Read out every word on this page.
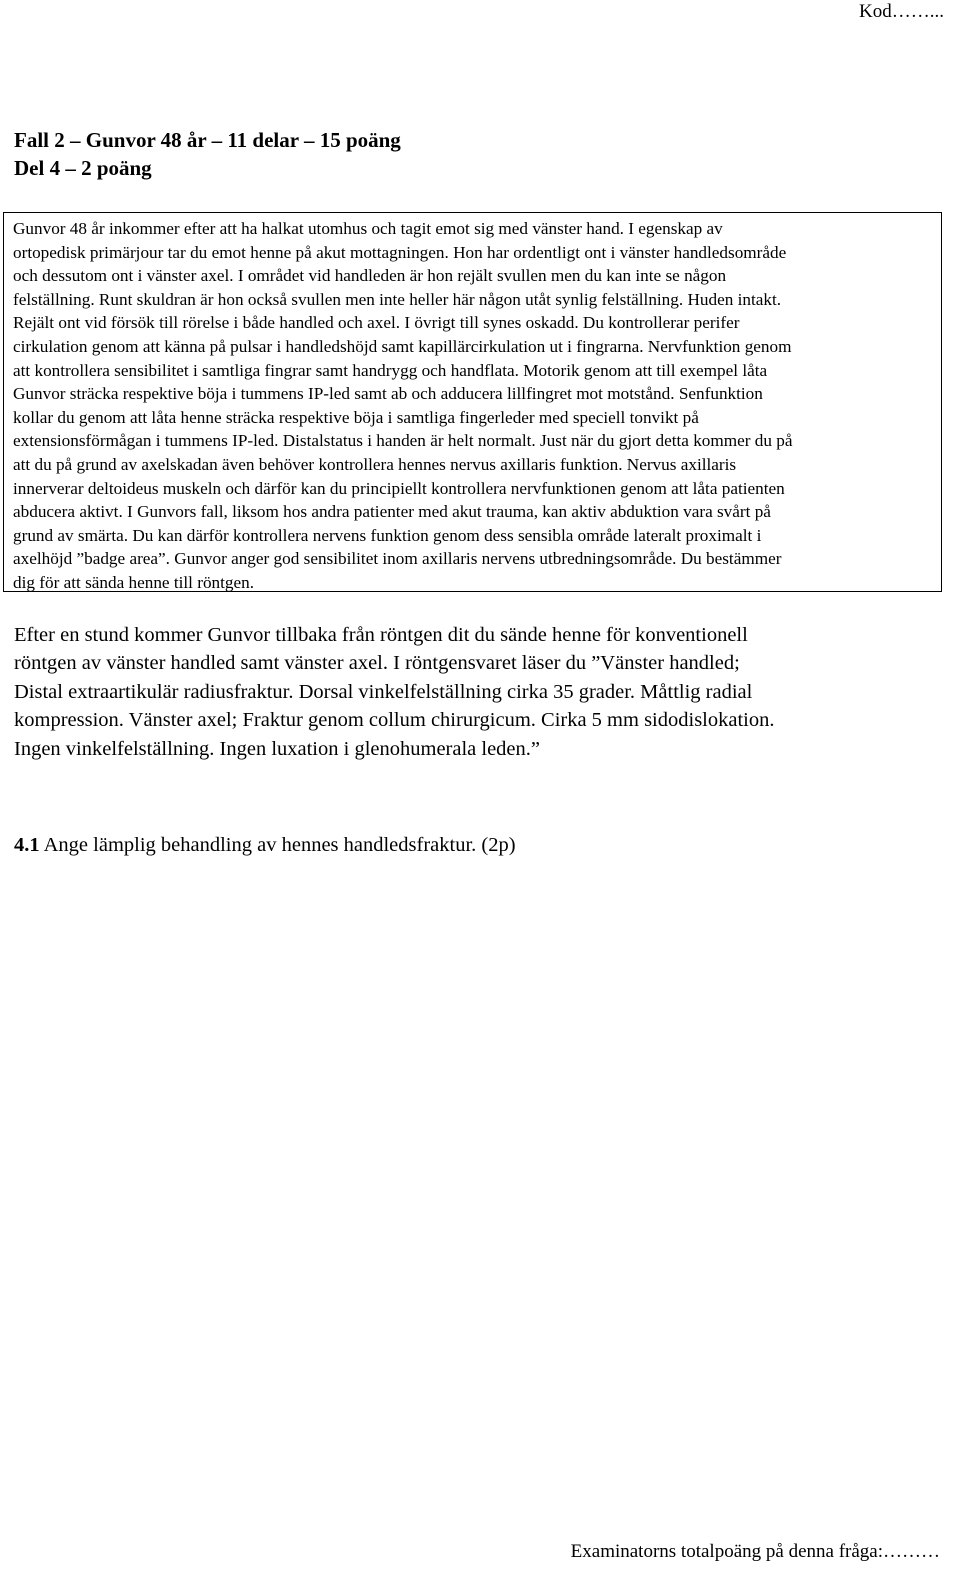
Kod……...
Fall 2 – Gunvor 48 år – 11 delar – 15 poäng
Del 4 – 2 poäng
Gunvor 48 år inkommer efter att ha halkat utomhus och tagit emot sig med vänster hand. I egenskap av
ortopedisk primärjour tar du emot henne på akut mottagningen. Hon har ordentligt ont i vänster handledsområde
och dessutom ont i vänster axel. I området vid handleden är hon rejält svullen men du kan inte se någon
felställning. Runt skuldran är hon också svullen men inte heller här någon utåt synlig felställning. Huden intakt.
Rejält ont vid försök till rörelse i både handled och axel. I övrigt till synes oskadd. Du kontrollerar perifer
cirkulation genom att känna på pulsar i handledshöjd samt kapillärcirkulation ut i fingrarna. Nervfunktion genom
att kontrollera sensibilitet i samtliga fingrar samt handrygg och handflata. Motorik genom att till exempel låta
Gunvor sträcka respektive böja i tummens IP-led samt ab och adducera lillfingret mot motstånd. Senfunktion
kollar du genom att låta henne sträcka respektive böja i samtliga fingerleder med speciell tonvikt på
extensionsförmågan i tummens IP-led. Distalstatus i handen är helt normalt. Just när du gjort detta kommer du på
att du på grund av axelskadan även behöver kontrollera hennes nervus axillaris funktion. Nervus axillaris
innerverar deltoideus muskeln och därför kan du principiellt kontrollera nervfunktionen genom att låta patienten
abducera aktivt. I Gunvors fall, liksom hos andra patienter med akut trauma, kan aktiv abduktion vara svårt på
grund av smärta. Du kan därför kontrollera nervens funktion genom dess sensibla område lateralt proximalt i
axelhöjd ”badge area”. Gunvor anger god sensibilitet inom axillaris nervens utbredningsområde. Du bestämmer
dig för att sända henne till röntgen.
Efter en stund kommer Gunvor tillbaka från röntgen dit du sände henne för konventionell
röntgen av vänster handled samt vänster axel. I röntgensvaret läser du ”Vänster handled;
Distal extraartikulär radiusfraktur. Dorsal vinkelfelställning cirka 35 grader. Måttlig radial
kompression. Vänster axel; Fraktur genom collum chirurgicum. Cirka 5 mm sidodislokation.
Ingen vinkelfelställning. Ingen luxation i glenohumerala leden.”
4.1 Ange lämplig behandling av hennes handledsfraktur. (2p)
Examinatorns totalpoäng på denna fråga:………
